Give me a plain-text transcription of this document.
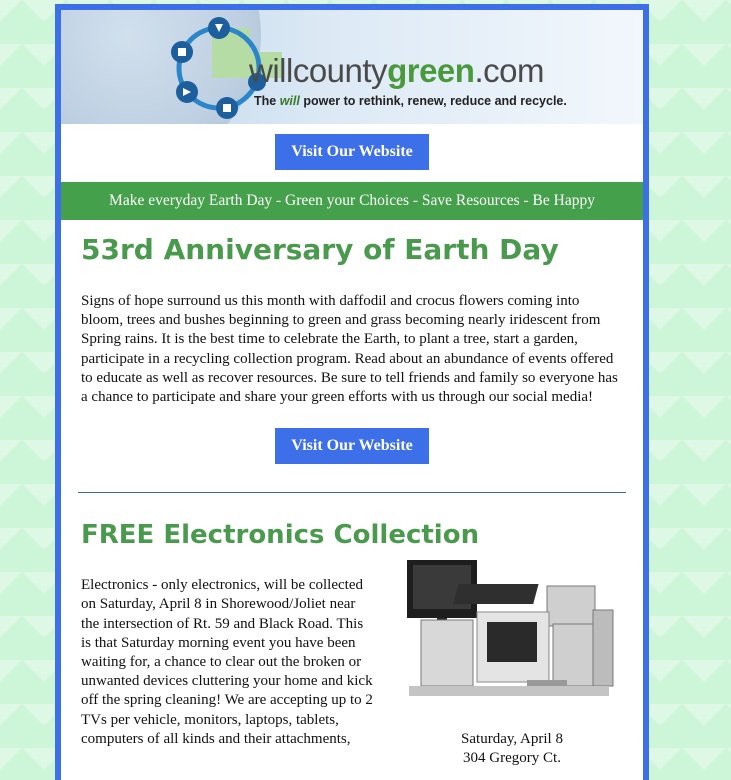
willcountygreen.com
The will power to rethink, renew, reduce and recycle.
Visit Our Website
Make everyday Earth Day - Green your Choices - Save Resources - Be Happy
53rd Anniversary of Earth Day

Signs of hope surround us this month with daffodil and crocus flowers coming into bloom, trees and bushes beginning to green and grass becoming nearly iridescent from Spring rains. It is the best time to celebrate the Earth, to plant a tree, start a garden, participate in a recycling collection program. Read about an abundance of events offered to educate as well as recover resources. Be sure to tell friends and family so everyone has a chance to participate and share your green efforts with us through our social media!

Visit Our Website
FREE Electronics Collection
Electronics - only electronics, will be collected on Saturday, April 8 in Shorewood/Joliet near the intersection of Rt. 59 and Black Road. This is that Saturday morning event you have been waiting for, a chance to clear out the broken or unwanted devices cluttering your home and kick off the spring cleaning! We are accepting up to 2 TVs per vehicle, monitors, laptops, tablets, computers of all kinds and their attachments,	Saturday, April 8
304 Gregory Ct.
